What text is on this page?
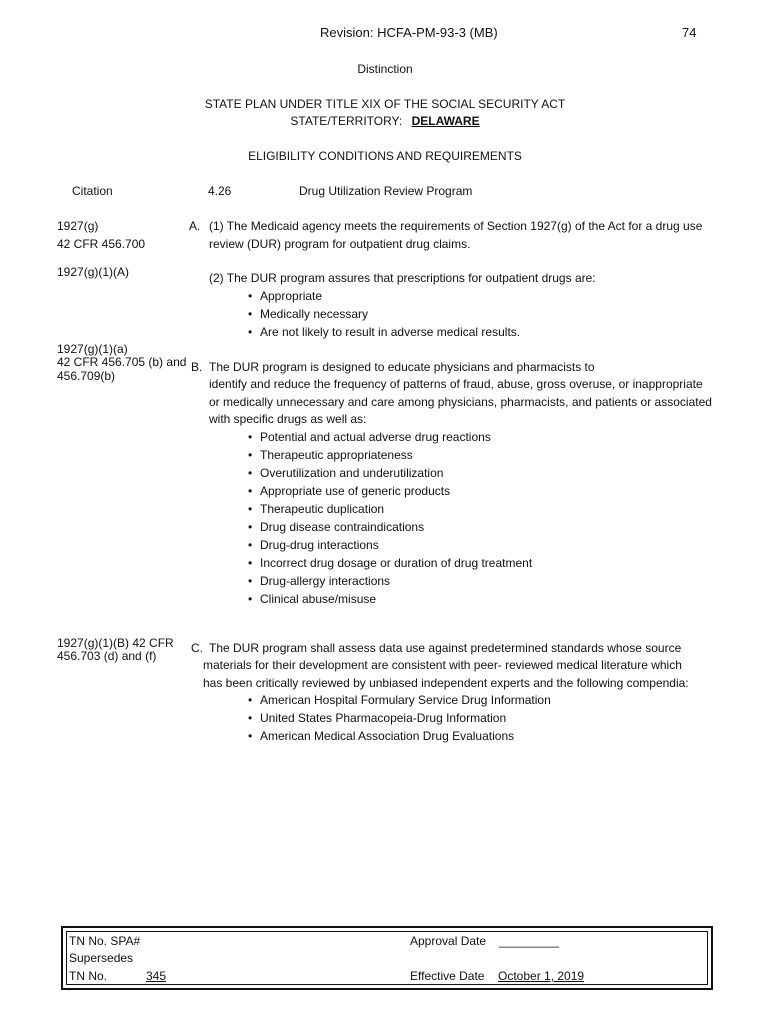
Revision: HCFA-PM-93-3 (MB)	74
Distinction
STATE PLAN UNDER TITLE XIX OF THE SOCIAL SECURITY ACT
STATE/TERRITORY: DELAWARE
ELIGIBILITY CONDITIONS AND REQUIREMENTS
Citation	4.26	Drug Utilization Review Program
1927(g)
42 CFR 456.700
A. (1) The Medicaid agency meets the requirements of Section 1927(g) of the Act for a drug use
review (DUR) program for outpatient drug claims.
1927(g)(1)(A)	(2) The DUR program assures that prescriptions for outpatient drugs are:
• Appropriate
• Medically necessary
• Are not likely to result in adverse medical results.
1927(g)(1)(a)
42 CFR 456.705 (b) and
456.709(b)
B. The DUR program is designed to educate physicians and pharmacists to
identify and reduce the frequency of patterns of fraud, abuse, gross overuse, or inappropriate
or medically unnecessary and care among physicians, pharmacists, and patients or associated
with specific drugs as well as:
• Potential and actual adverse drug reactions
• Therapeutic appropriateness
• Overutilization and underutilization
• Appropriate use of generic products
• Therapeutic duplication
• Drug disease contraindications
• Drug-drug interactions
• Incorrect drug dosage or duration of drug treatment
• Drug-allergy interactions
• Clinical abuse/misuse
1927(g)(1)(B) 42 CFR
456.703 (d) and (f)
C. The DUR program shall assess data use against predetermined standards whose source
materials for their development are consistent with peer- reviewed medical literature which
has been critically reviewed by unbiased independent experts and the following compendia:
• American Hospital Formulary Service Drug Information
• United States Pharmacopeia-Drug Information
• American Medical Association Drug Evaluations
TN No. SPA#
Supersedes
TN No.	345
Approval Date _________
Effective Date October 1, 2019
